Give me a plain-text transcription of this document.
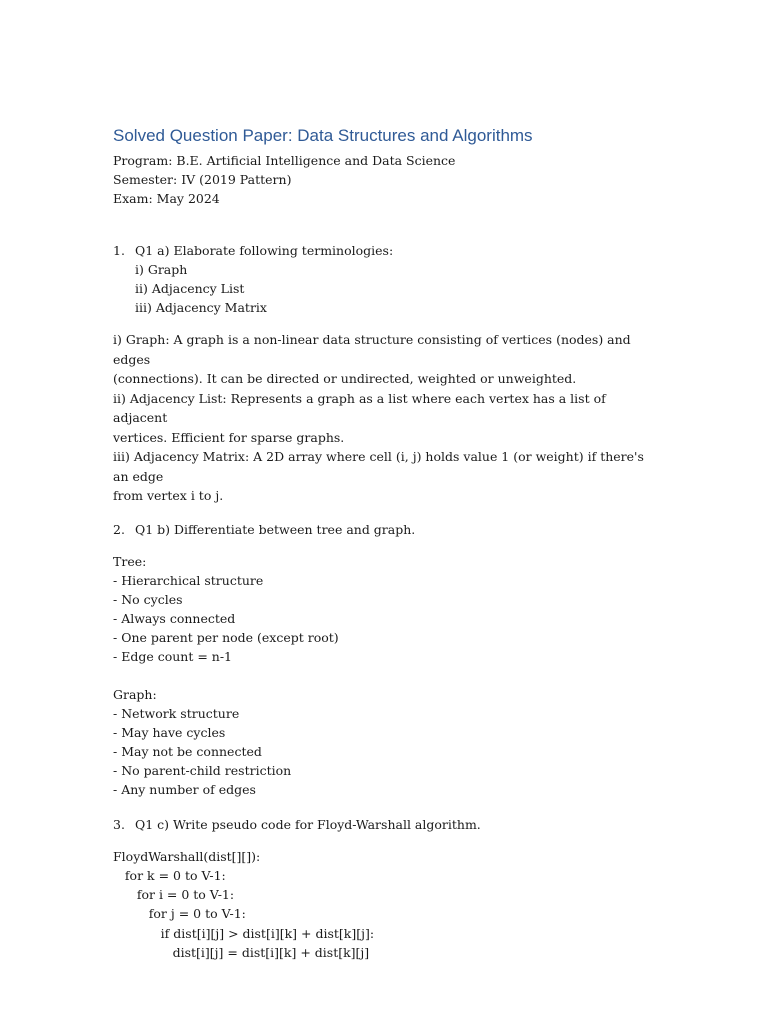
Solved Question Paper: Data Structures and Algorithms
Program: B.E. Artificial Intelligence and Data Science
Semester: IV (2019 Pattern)
Exam: May 2024
1. Q1 a) Elaborate following terminologies:
i) Graph
ii) Adjacency List
iii) Adjacency Matrix
i) Graph: A graph is a non-linear data structure consisting of vertices (nodes) and edges
(connections). It can be directed or undirected, weighted or unweighted.
ii) Adjacency List: Represents a graph as a list where each vertex has a list of adjacent
vertices. Efficient for sparse graphs.
iii) Adjacency Matrix: A 2D array where cell (i, j) holds value 1 (or weight) if there's an edge
from vertex i to j.
2. Q1 b) Differentiate between tree and graph.
Tree:
- Hierarchical structure
- No cycles
- Always connected
- One parent per node (except root)
- Edge count = n-1
Graph:
- Network structure
- May have cycles
- May not be connected
- No parent-child restriction
- Any number of edges
3. Q1 c) Write pseudo code for Floyd-Warshall algorithm.
FloydWarshall(dist[][]):
for k = 0 to V-1:
for i = 0 to V-1:
for j = 0 to V-1:
if dist[i][j] > dist[i][k] + dist[k][j]:
dist[i][j] = dist[i][k] + dist[k][j]
